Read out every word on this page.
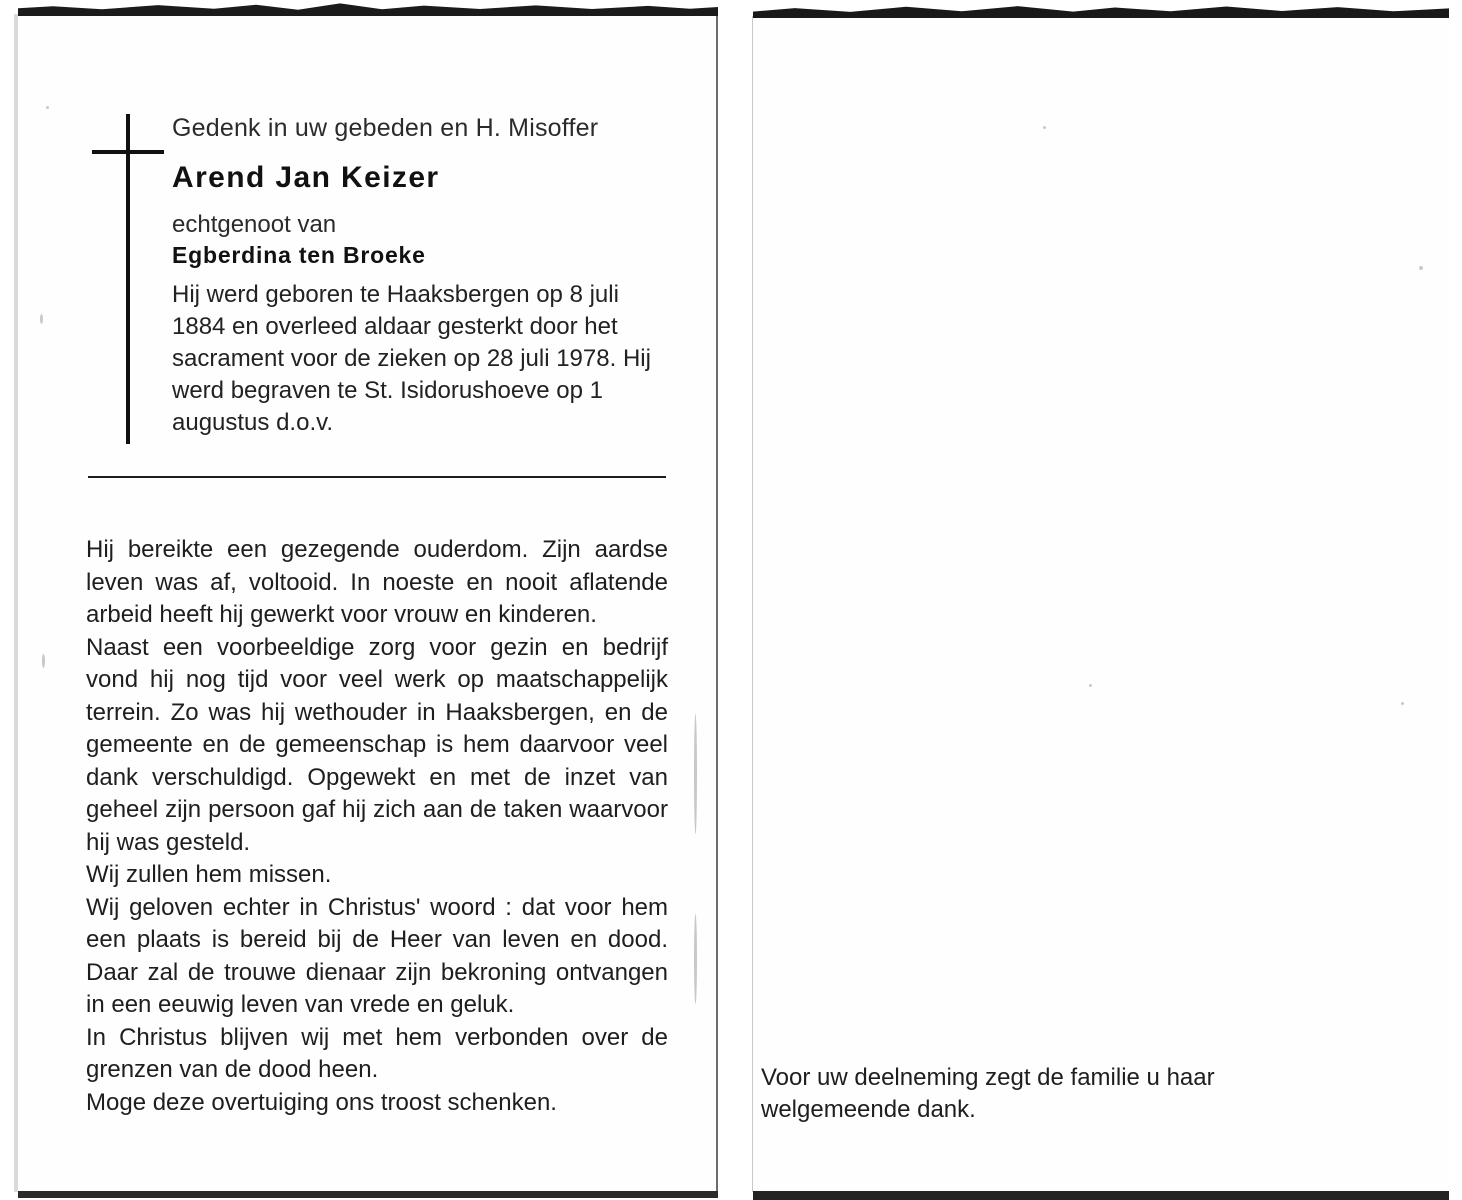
Gedenk in uw gebeden en H. Misoffer
Arend Jan Keizer
echtgenoot van
Egberdina ten Broeke
Hij werd geboren te Haaksbergen op 8 juli 1884 en overleed aldaar gesterkt door het sacrament voor de zieken op 28 juli 1978. Hij werd begraven te St. Isidorushoeve op 1 augustus d.o.v.

Hij bereikte een gezegende ouderdom. Zijn aardse leven was af, voltooid. In noeste en nooit aflatende arbeid heeft hij gewerkt voor vrouw en kinderen.

Naast een voorbeeldige zorg voor gezin en bedrijf vond hij nog tijd voor veel werk op maatschappelijk terrein. Zo was hij wethouder in Haaksbergen, en de gemeente en de gemeenschap is hem daarvoor veel dank verschuldigd. Opgewekt en met de inzet van geheel zijn persoon gaf hij zich aan de taken waarvoor hij was gesteld.

Wij zullen hem missen.

Wij geloven echter in Christus' woord : dat voor hem een plaats is bereid bij de Heer van leven en dood. Daar zal de trouwe dienaar zijn bekroning ontvangen in een eeuwig leven van vrede en geluk.

In Christus blijven wij met hem verbonden over de grenzen van de dood heen.

Moge deze overtuiging ons troost schenken.

Voor uw deelneming zegt de familie u haar welgemeende dank.
